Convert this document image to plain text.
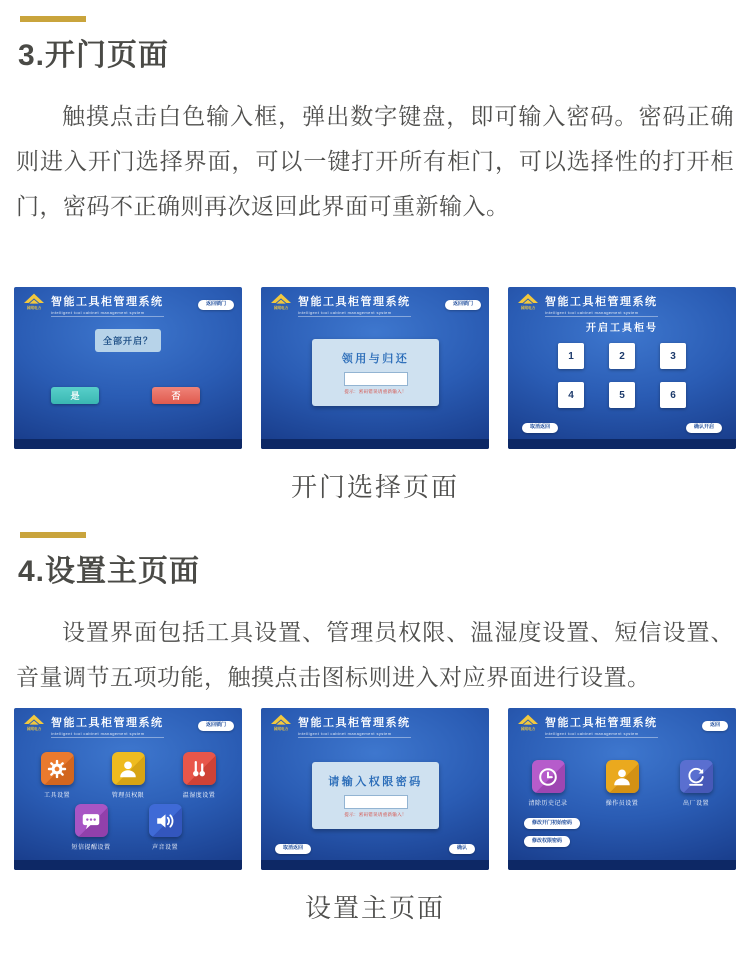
3.开门页面

触摸点击白色输入框，弹出数字键盘，即可输入密码。密码正确则进入开门选择界面，可以一键打开所有柜门，可以选择性的打开柜门，密码不正确则再次返回此界面可重新输入。

国网电力 智能工具柜管理系统
intelligent tool cabinet management system
返回锁门
全部开启？
是	否
国网电力 智能工具柜管理系统
intelligent tool cabinet management system
返回锁门
领用与归还
提示：密码错误请重新输入！
国网电力 智能工具柜管理系统
intelligent tool cabinet management system
开启工具柜号
1	2	3
4	5	6
取消返回	确认开启
开门选择页面
4.设置主页面

设置界面包括工具设置、管理员权限、温湿度设置、短信设置、音量调节五项功能，触摸点击图标则进入对应界面进行设置。

国网电力 智能工具柜管理系统
intelligent tool cabinet management system
返回锁门
工具设置	管理员权限	温湿度设置
短信提醒设置	声音设置
国网电力 智能工具柜管理系统
intelligent tool cabinet management system
请输入权限密码
提示：密码错误请重新输入！
取消返回	确认
国网电力 智能工具柜管理系统
intelligent tool cabinet management system
返回
清除历史记录	操作员设置	出厂设置
修改开门初始密码
修改权限密码
设置主页面
